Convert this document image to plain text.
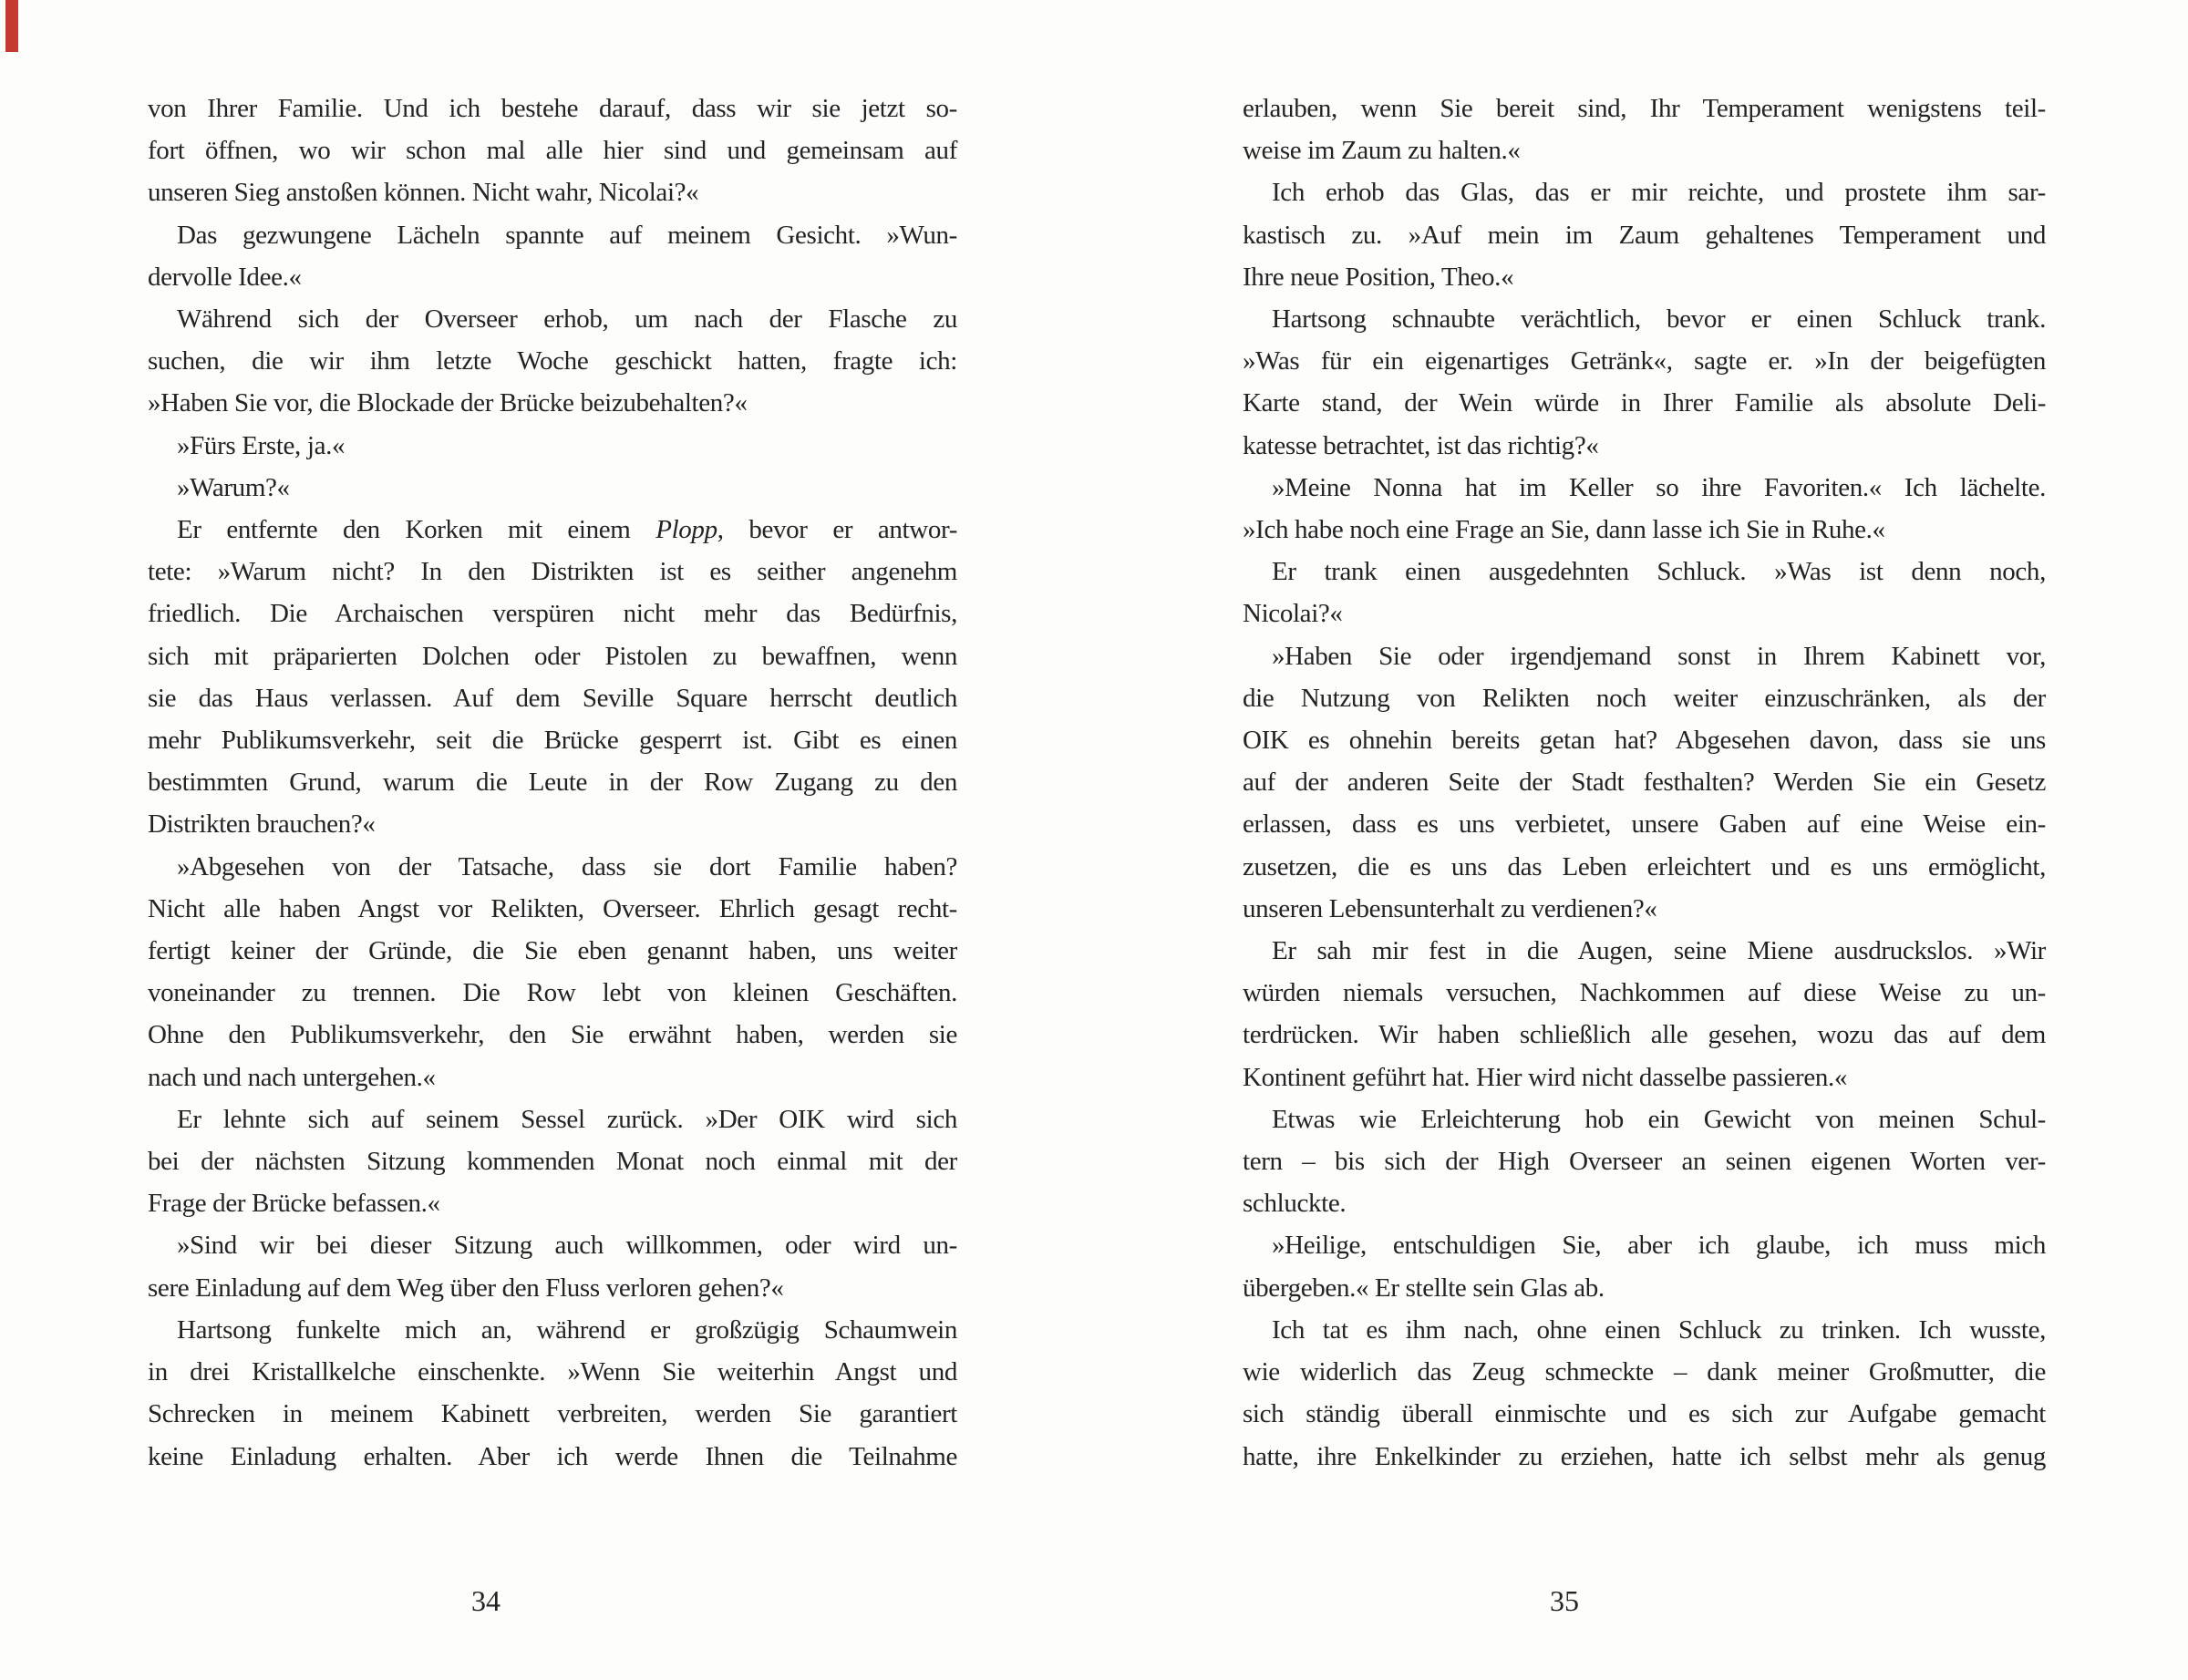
von Ihrer Familie. Und ich bestehe darauf, dass wir sie jetzt so-
fort öffnen, wo wir schon mal alle hier sind und gemeinsam auf
unseren Sieg anstoßen können. Nicht wahr, Nicolai?«
Das gezwungene Lächeln spannte auf meinem Gesicht. »Wun-
dervolle Idee.«
Während sich der Overseer erhob, um nach der Flasche zu
suchen, die wir ihm letzte Woche geschickt hatten, fragte ich:
»Haben Sie vor, die Blockade der Brücke beizubehalten?«
»Fürs Erste, ja.«
»Warum?«
Er entfernte den Korken mit einem Plopp, bevor er antwor-
tete: »Warum nicht? In den Distrikten ist es seither angenehm
friedlich. Die Archaischen verspüren nicht mehr das Bedürfnis,
sich mit präparierten Dolchen oder Pistolen zu bewaffnen, wenn
sie das Haus verlassen. Auf dem Seville Square herrscht deutlich
mehr Publikumsverkehr, seit die Brücke gesperrt ist. Gibt es einen
bestimmten Grund, warum die Leute in der Row Zugang zu den
Distrikten brauchen?«
»Abgesehen von der Tatsache, dass sie dort Familie haben?
Nicht alle haben Angst vor Relikten, Overseer. Ehrlich gesagt recht-
fertigt keiner der Gründe, die Sie eben genannt haben, uns weiter
voneinander zu trennen. Die Row lebt von kleinen Geschäften.
Ohne den Publikumsverkehr, den Sie erwähnt haben, werden sie
nach und nach untergehen.«
Er lehnte sich auf seinem Sessel zurück. »Der OIK wird sich
bei der nächsten Sitzung kommenden Monat noch einmal mit der
Frage der Brücke befassen.«
»Sind wir bei dieser Sitzung auch willkommen, oder wird un-
sere Einladung auf dem Weg über den Fluss verloren gehen?«
Hartsong funkelte mich an, während er großzügig Schaumwein
in drei Kristallkelche einschenkte. »Wenn Sie weiterhin Angst und
Schrecken in meinem Kabinett verbreiten, werden Sie garantiert
keine Einladung erhalten. Aber ich werde Ihnen die Teilnahme
34
erlauben, wenn Sie bereit sind, Ihr Temperament wenigstens teil-
weise im Zaum zu halten.«
Ich erhob das Glas, das er mir reichte, und prostete ihm sar-
kastisch zu. »Auf mein im Zaum gehaltenes Temperament und
Ihre neue Position, Theo.«
Hartsong schnaubte verächtlich, bevor er einen Schluck trank.
»Was für ein eigenartiges Getränk«, sagte er. »In der beigefügten
Karte stand, der Wein würde in Ihrer Familie als absolute Deli-
katesse betrachtet, ist das richtig?«
»Meine Nonna hat im Keller so ihre Favoriten.« Ich lächelte.
»Ich habe noch eine Frage an Sie, dann lasse ich Sie in Ruhe.«
Er trank einen ausgedehnten Schluck. »Was ist denn noch,
Nicolai?«
»Haben Sie oder irgendjemand sonst in Ihrem Kabinett vor,
die Nutzung von Relikten noch weiter einzuschränken, als der
OIK es ohnehin bereits getan hat? Abgesehen davon, dass sie uns
auf der anderen Seite der Stadt festhalten? Werden Sie ein Gesetz
erlassen, dass es uns verbietet, unsere Gaben auf eine Weise ein-
zusetzen, die es uns das Leben erleichtert und es uns ermöglicht,
unseren Lebensunterhalt zu verdienen?«
Er sah mir fest in die Augen, seine Miene ausdruckslos. »Wir
würden niemals versuchen, Nachkommen auf diese Weise zu un-
terdrücken. Wir haben schließlich alle gesehen, wozu das auf dem
Kontinent geführt hat. Hier wird nicht dasselbe passieren.«
Etwas wie Erleichterung hob ein Gewicht von meinen Schul-
tern – bis sich der High Overseer an seinen eigenen Worten ver-
schluckte.
»Heilige, entschuldigen Sie, aber ich glaube, ich muss mich
übergeben.« Er stellte sein Glas ab.
Ich tat es ihm nach, ohne einen Schluck zu trinken. Ich wusste,
wie widerlich das Zeug schmeckte – dank meiner Großmutter, die
sich ständig überall einmischte und es sich zur Aufgabe gemacht
hatte, ihre Enkelkinder zu erziehen, hatte ich selbst mehr als genug
35
